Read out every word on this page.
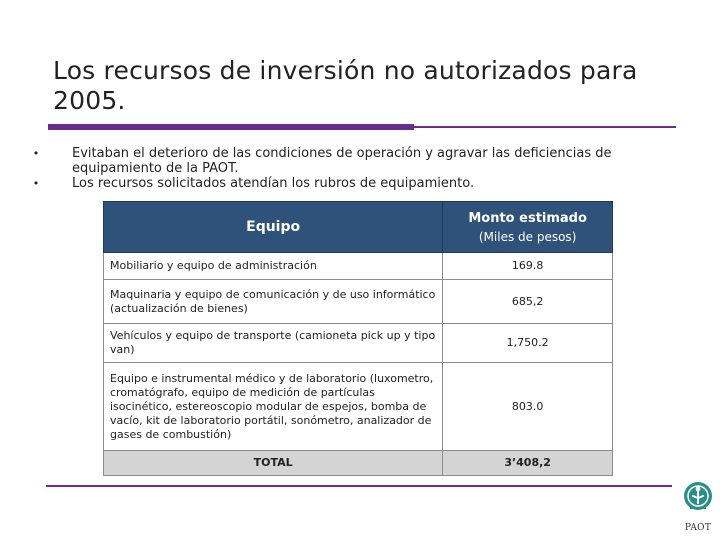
Los recursos de inversión no autorizados para 2005.
•	Evitaban el deterioro de las condiciones de operación y agravar las deficiencias de equipamiento de la PAOT.
•	Los recursos solicitados atendían los rubros de equipamiento.
Equipo	Monto estimado
(Miles de pesos)

Mobiliario y equipo de administración	169.8
Maquinaria y equipo de comunicación y de uso informático (actualización de bienes)	685,2
Vehículos y equipo de transporte (camioneta pick up y tipo van)	1,750.2
Equipo e instrumental médico y de laboratorio (luxometro, cromatógrafo, equipo de medición de partículas isocinético, estereoscopio modular de espejos, bomba de vacío, kit de laboratorio portátil, sonómetro, analizador de gases de combustión)	803.0
TOTAL	3’408,2
PAOT
